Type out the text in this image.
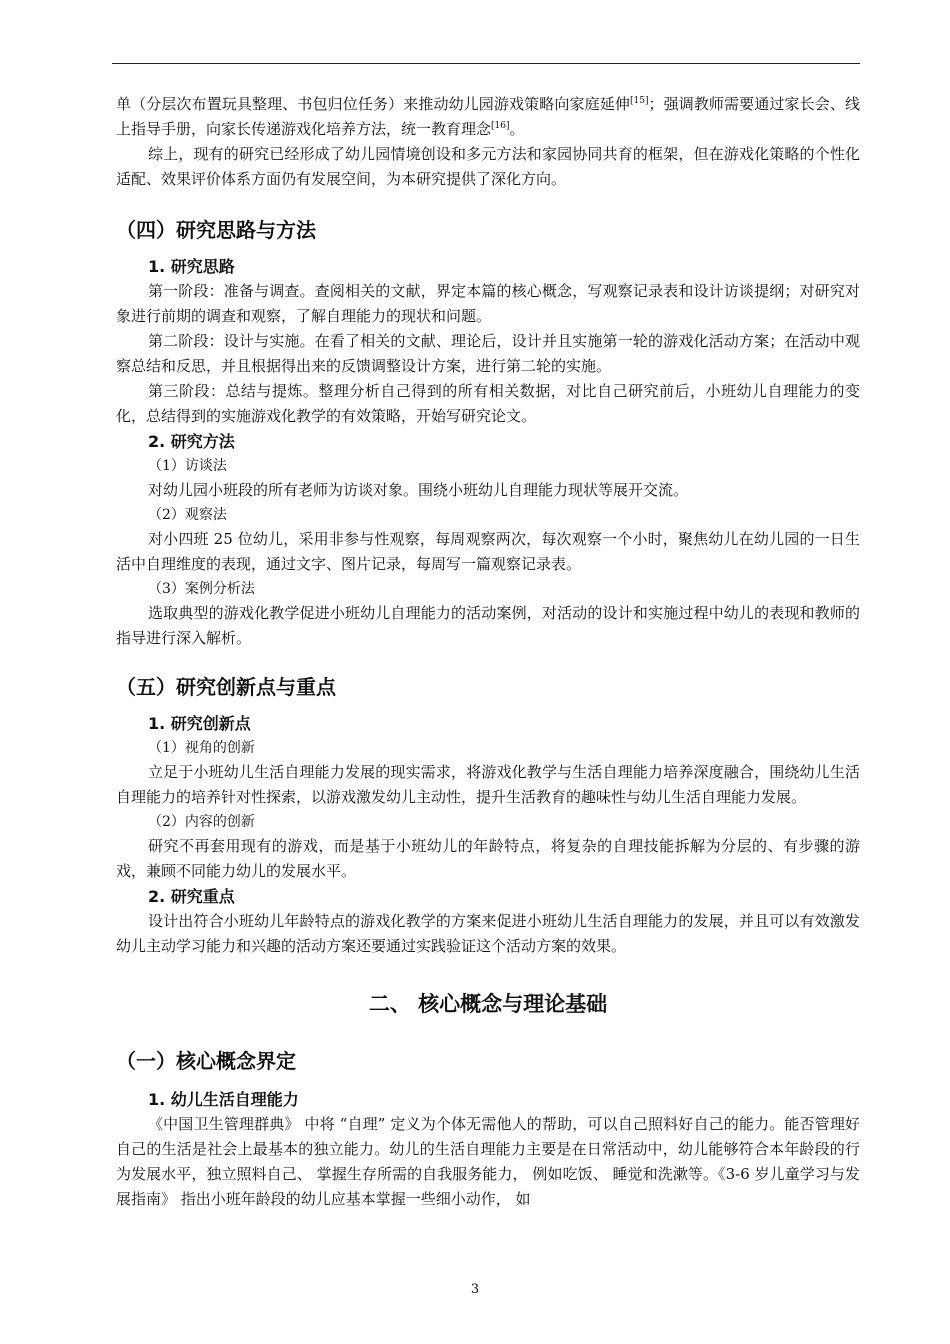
单（分层次布置玩具整理、书包归位任务）来推动幼儿园游戏策略向家庭延伸[15]；强调教师需要通过家长会、线上指导手册，向家长传递游戏化培养方法，统一教育理念[16]。

综上，现有的研究已经形成了幼儿园情境创设和多元方法和家园协同共育的框架，但在游戏化策略的个性化适配、效果评价体系方面仍有发展空间，为本研究提供了深化方向。

（四）研究思路与方法
1. 研究思路

第一阶段：准备与调查。查阅相关的文献，界定本篇的核心概念，写观察记录表和设计访谈提纲；对研究对象进行前期的调查和观察，了解自理能力的现状和问题。

第二阶段：设计与实施。在看了相关的文献、理论后，设计并且实施第一轮的游戏化活动方案；在活动中观察总结和反思，并且根据得出来的反馈调整设计方案，进行第二轮的实施。

第三阶段：总结与提炼。整理分析自己得到的所有相关数据，对比自己研究前后，小班幼儿自理能力的变化，总结得到的实施游戏化教学的有效策略，开始写研究论文。

2. 研究方法

（1）访谈法

对幼儿园小班段的所有老师为访谈对象。围绕小班幼儿自理能力现状等展开交流。

（2）观察法

对小四班 25 位幼儿，采用非参与性观察，每周观察两次，每次观察一个小时，聚焦幼儿在幼儿园的一日生活中自理维度的表现，通过文字、图片记录，每周写一篇观察记录表。

（3）案例分析法

选取典型的游戏化教学促进小班幼儿自理能力的活动案例，对活动的设计和实施过程中幼儿的表现和教师的指导进行深入解析。

（五）研究创新点与重点
1. 研究创新点

（1）视角的创新

立足于小班幼儿生活自理能力发展的现实需求，将游戏化教学与生活自理能力培养深度融合，围绕幼儿生活自理能力的培养针对性探索，以游戏激发幼儿主动性，提升生活教育的趣味性与幼儿生活自理能力发展。

（2）内容的创新

研究不再套用现有的游戏，而是基于小班幼儿的年龄特点，将复杂的自理技能拆解为分层的、有步骤的游戏，兼顾不同能力幼儿的发展水平。

2. 研究重点

设计出符合小班幼儿年龄特点的游戏化教学的方案来促进小班幼儿生活自理能力的发展，并且可以有效激发幼儿主动学习能力和兴趣的活动方案还要通过实践验证这个活动方案的效果。

二、 核心概念与理论基础
（一）核心概念界定
1. 幼儿生活自理能力

《中国卫生管理群典》 中将 “自理” 定义为个体无需他人的帮助，可以自己照料好自己的能力。能否管理好自己的生活是社会上最基本的独立能力。幼儿的生活自理能力主要是在日常活动中，幼儿能够符合本年龄段的行为发展水平，独立照料自己、 掌握生存所需的自我服务能力， 例如吃饭、 睡觉和洗漱等。《3-6 岁儿童学习与发展指南》 指出小班年龄段的幼儿应基本掌握一些细小动作， 如

3
